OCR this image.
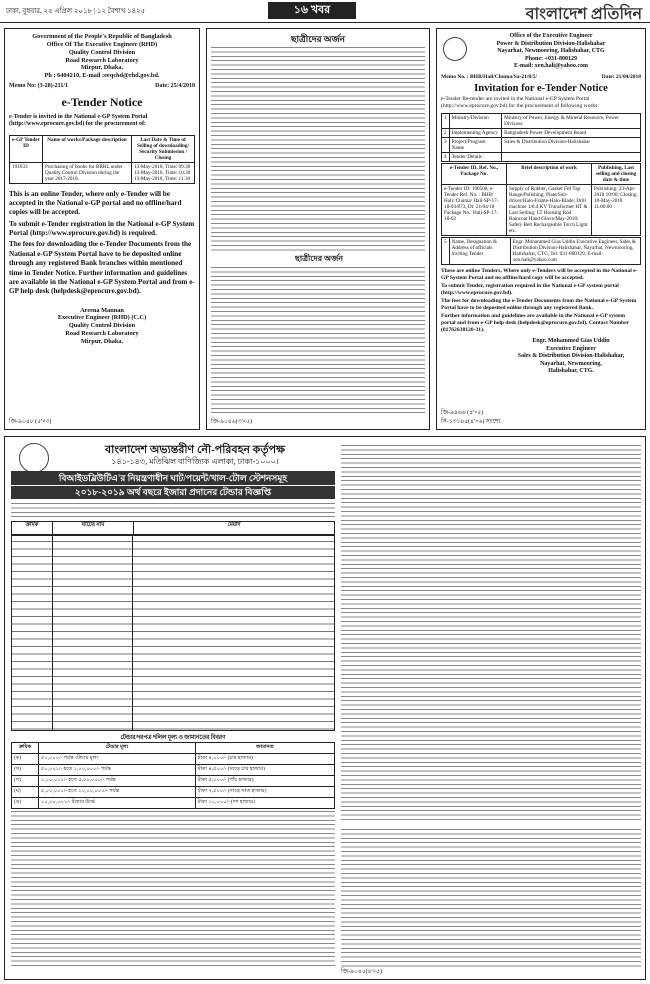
ঢাকা, বুধবার, ২৫ এপ্রিল ২০১৮ | ১২ বৈশাখ ১৪২৫	১৬ খবর	বাংলাদেশ প্রতিদিন
Government of the People's Republic of Bangladesh
Office Of The Executive Engineer (RHD)
Quality Control Division
Road Research Laboratory
Mirpur, Dhaka.
Ph : 6404210, E-mail :eeqchd@rhd.gov.bd.
Memo No: (3-28)-211/1	Date: 25/4/2018
e-Tender Notice
e-Tender is invited in the National e-GP System Portal (http://www.eprocure.gov.bd) for the procurement of:
e-GP Tender ID	Name of works/Package description	Last Date & Time of Selling of downloading/ Security Submission / Closing
191633	Purchasing of books for BRRL under Quality Control Division during the year 2017-2018.	13-May-2018, Time: 09:30 13-May-2018, Time: 10:30 13-May-2018, Time: 11:30
This is an online Tender, where only e-Tender will be accepted in the National e-GP portal and no offline/hard copies will be accepted.
To submit e-Tender registration in the National e-GP System Portal (http://www.eprocure.gov.bd) is required.
The fees for downloading the e-Tender Documents from the National e-GP System Portal have to be deposited online through any registered Bank branches within mentioned time in Tender Notice. Further information and guidelines are available in the National e-GP System Portal and from e-GP help desk (helpdesk@eprocure.gov.bd).
Areena Mannan
Executive Engineer (RHD) (C.C)
Quality Control Division
Road Research Laboratory
Mirpur, Dhaka.
জি-৯০৪৮ (৫'×৩)
ছাত্রীদের অর্জন
ছাত্রীদের অর্জন
জি-৯০৪৬(৩'×৫)
Office of the Executive Engineer
Power & Distribution Division-Halishahar
Nayarhat, Newmooring, Halishahar, CTG
Phone: +031-800129
E-mail: xen.hali@yahoo.com
Memo No. : BHB/Hali/Chuma/Sa-21/8/5/	Date: 21/04/2018
Invitation for e-Tender Notice
e-Tender Re-tender are invited in the National e-GP System Portal (http://www.eprocure.gov.bd) for the procurement of following works:
1	Ministry/Division	Ministry of Power, Energy & Mineral Resource, Power Division.
2	Implementing Agency	Bangladesh Power Development Board
3	Project/Program Name	Sales & Distribution Division-Halishahar
4	Tender Details :	
e-Tender ID, Ref. No., Package No.	Brief description of work	Publishing, Last selling and closing date & time
e-Tender ID: 190508, e-Tender Ref. No. : BHB/ Hali/ Chuma/ Hali-SP-17-18-03/873, Dt: 21/04/18 Package No.: Hali-SP-17-18-02	Supply of Rubber, Gasket Fill Tap Range/Polishing; Plate/Sub-driver/Halo-Frame-Halo-Blade; Drill machine 1/0.4 KV Transformer HT & Last Selling; LT Housing Rod Raincoat Hand Glove/May-2018; Safety Belt Rechargeable Torch Light etc.	Publishing: 23-Apr-2018 10:00; Closing: 10-May-2018 11.00.00
5	Name, Designation & Address of officials inviting Tender	Engr. Mohammed Gias Uddin Executive Engineer, Sales & Distribution Division-Halishahar, Nayarhat, Newmooring, Halishahar, CTG, Tel: 031-800129, E-mail: xen.hali@yahoo.com
These are online Tenders, Where only e-Tenders will be accepted in the National e-GP System Portal and no offline/hard copy will be accepted.
To submit Tender, registration required in the National e-GP system portal (http://www.eprocure.gov.bd).
The fees for downloading the e-Tender Documents from the National e-GP System Portal have to be deposited online through any registered Bank.
Further information and guidelines are available in the National e-GP system portal and from e-GP help desk (helpdesk@eprocure.gov.bd). Contact Number (01762638120-31).
Engr. Mohammed Gias Uddin
Executive Engineer
Sales & Distribution Division-Halishahar,
Nayarhat, Newmooring,
Halishahar, CTG.
জি-৯৪৬৬ (৪'×৫)
সি-১৩১৪৫(৪'×৬) সংশো.
বাংলাদেশ অভ্যন্তরীণ নৌ-পরিবহন কর্তৃপক্ষ
১৪১-১৪৩, মতিঝিল বাণিজ্যিক এলাকা, ঢাকা-১০০০।
বিআইডব্লিউটিএ'র নিয়ন্ত্রণাধীন ঘাট/পয়েন্ট/খাল-টোল স্টেশনসমূহ
২০১৮-২০১৯ অর্থ বছরে ইজারা প্রদানের টেন্ডার বিজ্ঞপ্তি
ক্রমিক	ঘাটের নাম	মেয়াদ
টেন্ডার/দরপত্র দলিল মূল্য ও জামানতের বিবরণ
ক্রমিক	টেন্ডার মূল্য	জামানত
(ক)	৫০,০০০/- পর্যন্ত টেন্ডার মূল্য	টাকা ৪,০০০/- (চার হাজার)
(খ)	৫০,০০১/- হতে ১,০০,০০০/- পর্যন্ত	টাকা ৪,৫০০/- (সাড়ে চার হাজার)
(গ)	১,০০,০০১/- হতে ৫,০০,০০০/- পর্যন্ত	টাকা ৫,০০০/- (পাঁচ হাজার)
(ঘ)	৫,০০,০০১/- হতে ১০,০০,০০০/- পর্যন্ত	টাকা ৭,৫০০/- (সাড়ে সাত হাজার)
(ঙ)	১০,০০,০০১/- টাকার উর্দ্ধে	টাকা ১০,০০০/- (দশ হাজার)
জি-৯০৪৫(৪'×৫)
